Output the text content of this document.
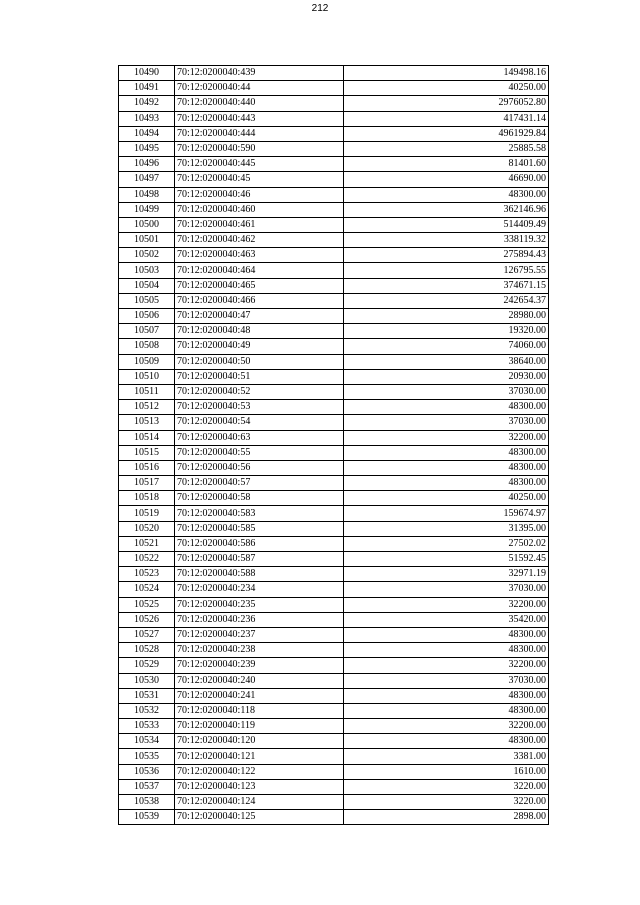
212
10490	70:12:0200040:439	149498.16
10491	70:12:0200040:44	40250.00
10492	70:12:0200040:440	2976052.80
10493	70:12:0200040:443	417431.14
10494	70:12:0200040:444	4961929.84
10495	70:12:0200040:590	25885.58
10496	70:12:0200040:445	81401.60
10497	70:12:0200040:45	46690.00
10498	70:12:0200040:46	48300.00
10499	70:12:0200040:460	362146.96
10500	70:12:0200040:461	514409.49
10501	70:12:0200040:462	338119.32
10502	70:12:0200040:463	275894.43
10503	70:12:0200040:464	126795.55
10504	70:12:0200040:465	374671.15
10505	70:12:0200040:466	242654.37
10506	70:12:0200040:47	28980.00
10507	70:12:0200040:48	19320.00
10508	70:12:0200040:49	74060.00
10509	70:12:0200040:50	38640.00
10510	70:12:0200040:51	20930.00
10511	70:12:0200040:52	37030.00
10512	70:12:0200040:53	48300.00
10513	70:12:0200040:54	37030.00
10514	70:12:0200040:63	32200.00
10515	70:12:0200040:55	48300.00
10516	70:12:0200040:56	48300.00
10517	70:12:0200040:57	48300.00
10518	70:12:0200040:58	40250.00
10519	70:12:0200040:583	159674.97
10520	70:12:0200040:585	31395.00
10521	70:12:0200040:586	27502.02
10522	70:12:0200040:587	51592.45
10523	70:12:0200040:588	32971.19
10524	70:12:0200040:234	37030.00
10525	70:12:0200040:235	32200.00
10526	70:12:0200040:236	35420.00
10527	70:12:0200040:237	48300.00
10528	70:12:0200040:238	48300.00
10529	70:12:0200040:239	32200.00
10530	70:12:0200040:240	37030.00
10531	70:12:0200040:241	48300.00
10532	70:12:0200040:118	48300.00
10533	70:12:0200040:119	32200.00
10534	70:12:0200040:120	48300.00
10535	70:12:0200040:121	3381.00
10536	70:12:0200040:122	1610.00
10537	70:12:0200040:123	3220.00
10538	70:12:0200040:124	3220.00
10539	70:12:0200040:125	2898.00
